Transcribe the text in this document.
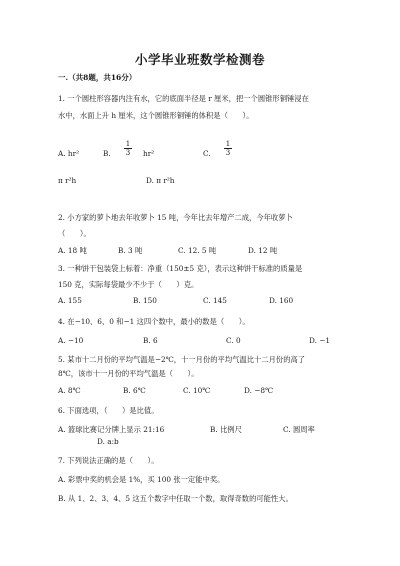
小学毕业班数学检测卷
一.（共8题，共16分）
1. 一个圆柱形容器内注有水，它的底面半径是 r 厘米，把一个圆锥形铜锤浸在
水中，水面上升 h 厘米，这个圆锥形铜锤的体积是（　　）。
A. hr²	B.
1
3	hr²	C.
1
3
π r²h	D. π r²h
2. 小方家的萝卜地去年收萝卜 15 吨，今年比去年增产二成，今年收萝卜
（　　）。
A. 18 吨	B. 3 吨	C. 12. 5 吨	D. 12 吨
3. 一种饼干包装袋上标着：净重（150±5 克），表示这种饼干标准的质量是
150 克，实际每袋最少不少于（　　）克。
A. 155	B. 150	C. 145	D. 160
4. 在−10、6、0 和−1 这四个数中，最小的数是（　　）。
A. −10	B. 6	C. 0	D. −1
5. 某市十二月份的平均气温是−2℃，十一月份的平均气温比十二月份的高了
8℃，该市十一月份的平均气温是（　　）。
A. 8℃	B. 6℃	C. 10℃	D. −8℃
6. 下面选项，（　　）是比值。
A. 篮球比赛记分牌上显示 21:16	B. 比例尺	C. 圆周率
D. a:b
7. 下列说法正确的是（　　）。
A. 彩票中奖的机会是 1%，买 100 张一定能中奖。
B. 从 1、2、3、4、5 这五个数字中任取一个数，取得奇数的可能性大。
